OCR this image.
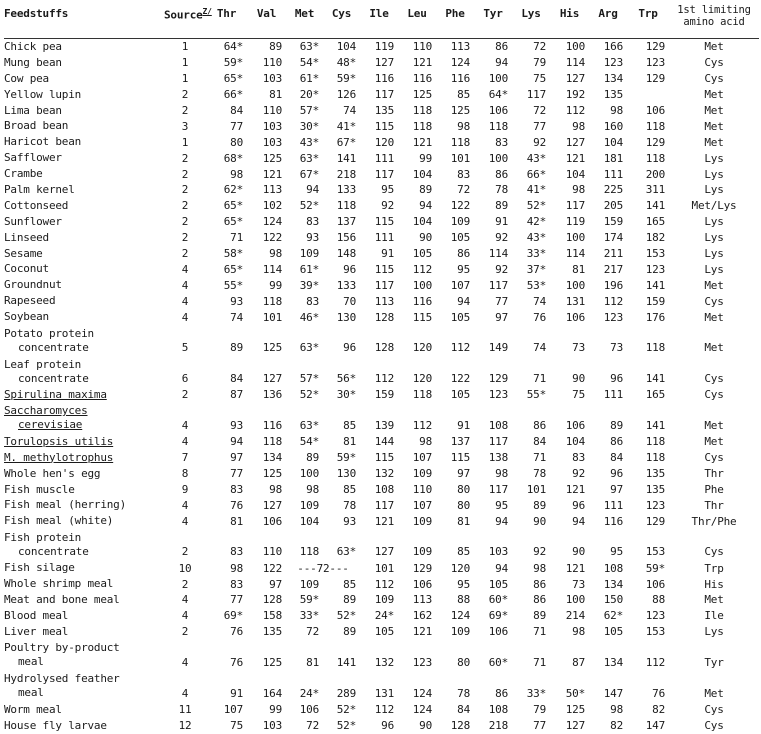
Feedstuffs	Source$^{Z/}$	Thr	Val	Met	Cys	Ile	Leu	Phe	Tyr	Lys	His	Arg	Trp	1st limiting
amino acid
Chick pea	1	64*	89	63*	104	119	110	113	86	72	100	166	129	Met
Mung bean	1	59*	110	54*	48*	127	121	124	94	79	114	123	123	Cys
Cow pea	1	65*	103	61*	59*	116	116	116	100	75	127	134	129	Cys
Yellow lupin	2	66*	81	20*	126	117	125	85	64*	117	192	135		Met
Lima bean	2	84	110	57*	74	135	118	125	106	72	112	98	106	Met
Broad bean	3	77	103	30*	41*	115	118	98	118	77	98	160	118	Met
Haricot bean	1	80	103	43*	67*	120	121	118	83	92	127	104	129	Met
Safflower	2	68*	125	63*	141	111	99	101	100	43*	121	181	118	Lys
Crambe	2	98	121	67*	218	117	104	83	86	66*	104	111	200	Lys
Palm kernel	2	62*	113	94	133	95	89	72	78	41*	98	225	311	Lys
Cottonseed	2	65*	102	52*	118	92	94	122	89	52*	117	205	141	Met/Lys
Sunflower	2	65*	124	83	137	115	104	109	91	42*	119	159	165	Lys
Linseed	2	71	122	93	156	111	90	105	92	43*	100	174	182	Lys
Sesame	2	58*	98	109	148	91	105	86	114	33*	114	211	153	Lys
Coconut	4	65*	114	61*	96	115	112	95	92	37*	81	217	123	Lys
Groundnut	4	55*	99	39*	133	117	100	107	117	53*	100	196	141	Met
Rapeseed	4	93	118	83	70	113	116	94	77	74	131	112	159	Cys
Soybean	4	74	101	46*	130	128	115	105	97	76	106	123	176	Met
Potato protein
concentrate	5	89	125	63*	96	128	120	112	149	74	73	73	118	Met
Leaf protein
concentrate	6	84	127	57*	56*	112	120	122	129	71	90	96	141	Cys
Spirulina maxima	2	87	136	52*	30*	159	118	105	123	55*	75	111	165	Cys
Saccharomyces
cerevisiae	4	93	116	63*	85	139	112	91	108	86	106	89	141	Met
Torulopsis utilis	4	94	118	54*	81	144	98	137	117	84	104	86	118	Met
M. methylotrophus	7	97	134	89	59*	115	107	115	138	71	83	84	118	Cys
Whole hen's egg	8	77	125	100	130	132	109	97	98	78	92	96	135	Thr
Fish muscle	9	83	98	98	85	108	110	80	117	101	121	97	135	Phe
Fish meal (herring)	4	76	127	109	78	117	107	80	95	89	96	111	123	Thr
Fish meal (white)	4	81	106	104	93	121	109	81	94	90	94	116	129	Thr/Phe
Fish protein
concentrate	2	83	110	118	63*	127	109	85	103	92	90	95	153	Cys
Fish silage	10	98	122	---72---		101	129	120	94	98	121	108	59*	Trp
Whole shrimp meal	2	83	97	109	85	112	106	95	105	86	73	134	106	His
Meat and bone meal	4	77	128	59*	89	109	113	88	60*	86	100	150	88	Met
Blood meal	4	69*	158	33*	52*	24*	162	124	69*	89	214	62*	123	Ile
Liver meal	2	76	135	72	89	105	121	109	106	71	98	105	153	Lys
Poultry by-product
meal	4	76	125	81	141	132	123	80	60*	71	87	134	112	Tyr
Hydrolysed feather
meal	4	91	164	24*	289	131	124	78	86	33*	50*	147	76	Met
Worm meal	11	107	99	106	52*	112	124	84	108	79	125	98	82	Cys
House fly larvae	12	75	103	72	52*	96	90	128	218	77	127	82	147	Cys
